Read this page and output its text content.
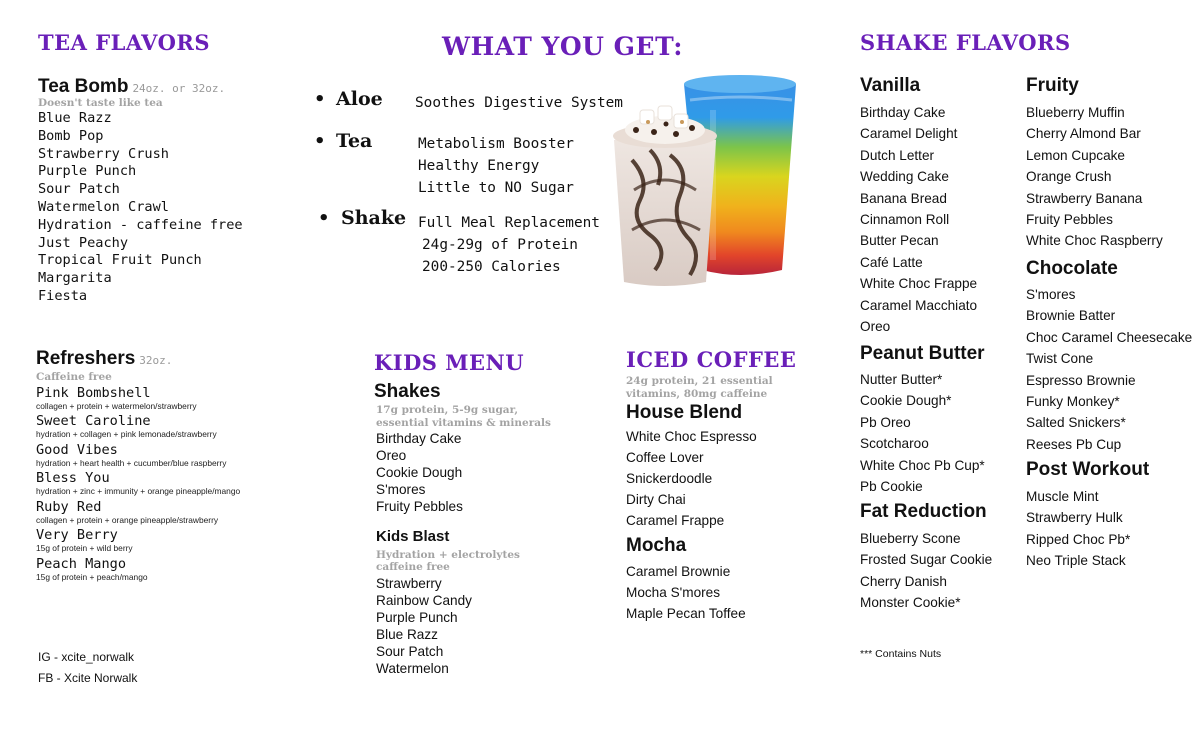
TEA FLAVORS
Tea Bomb 24oz. or 32oz.
Doesn't taste like tea
Blue Razz
Bomb Pop
Strawberry Crush
Purple Punch
Sour Patch
Watermelon Crawl
Hydration - caffeine free
Just Peachy
Tropical Fruit Punch
Margarita
Fiesta
Refreshers 32oz.
Caffeine free
Pink Bombshell
collagen + protein + watermelon/strawberry
Sweet Caroline
hydration + collagen + pink lemonade/strawberry
Good Vibes
hydration + heart health + cucumber/blue raspberry
Bless You
hydration + zinc + immunity + orange pineapple/mango
Ruby Red
collagen + protein + orange pineapple/strawberry
Very Berry
15g of protein + wild berry
Peach Mango
15g of protein + peach/mango
IG - xcite_norwalk
FB - Xcite Norwalk
WHAT YOU GET:
• Aloe Soothes Digestive System
• Tea	Metabolism Booster
Healthy Energy
Little to NO Sugar
• Shake Full Meal Replacement
24g-29g of Protein
200-250 Calories
KIDS MENU
Shakes
17g protein, 5-9g sugar,
essential vitamins & minerals
Birthday Cake
Oreo
Cookie Dough
S'mores
Fruity Pebbles
Kids Blast
Hydration + electrolytes
caffeine free
Strawberry
Rainbow Candy
Purple Punch
Blue Razz
Sour Patch
Watermelon
ICED COFFEE
24g protein, 21 essential
vitamins, 80mg caffeine
House Blend
White Choc Espresso
Coffee Lover
Snickerdoodle
Dirty Chai
Caramel Frappe
Mocha
Caramel Brownie
Mocha S'mores
Maple Pecan Toffee
SHAKE FLAVORS
Vanilla
Birthday Cake
Caramel Delight
Dutch Letter
Wedding Cake
Banana Bread
Cinnamon Roll
Butter Pecan
Café Latte
White Choc Frappe
Caramel Macchiato
Oreo
Peanut Butter
Nutter Butter*
Cookie Dough*
Pb Oreo
Scotcharoo
White Choc Pb Cup*
Pb Cookie
Fat Reduction
Blueberry Scone
Frosted Sugar Cookie
Cherry Danish
Monster Cookie*
Fruity
Blueberry Muffin
Cherry Almond Bar
Lemon Cupcake
Orange Crush
Strawberry Banana
Fruity Pebbles
White Choc Raspberry
Chocolate
S'mores
Brownie Batter
Choc Caramel Cheesecake
Twist Cone
Espresso Brownie
Funky Monkey*
Salted Snickers*
Reeses Pb Cup
Post Workout
Muscle Mint
Strawberry Hulk
Ripped Choc Pb*
Neo Triple Stack
*** Contains Nuts
